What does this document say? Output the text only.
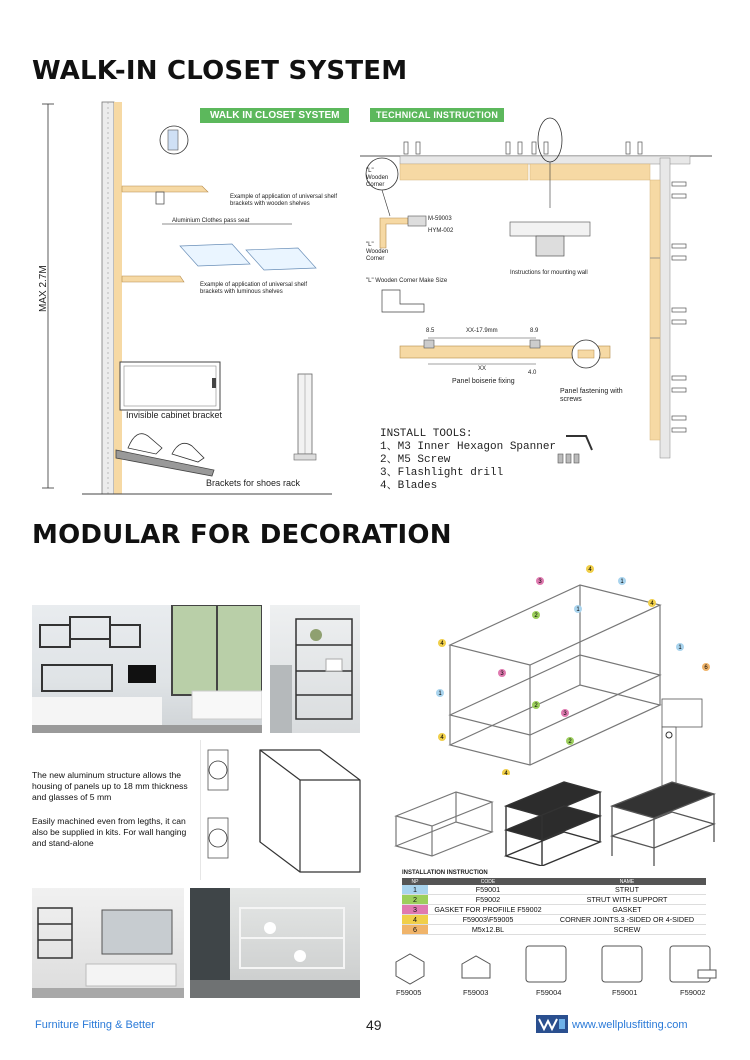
WALK-IN CLOSET SYSTEM
MODULAR FOR DECORATION
WALK IN CLOSET SYSTEM
MAX 2.7M
Example of application of universal shelf brackets with wooden shelves
Aluminium Clothes pass seat
Example of application of universal shelf brackets with luminous shelves
Invisible cabinet bracket
Brackets for shoes rack
TECHNICAL INSTRUCTION
"L" Wooden Corner
M-59003
HYM-002
"L" Wooden Corner
"L" Wooden Corner Make Size
Instructions for mounting wall
8.5	XX-17.9mm	8.9
XX
4.0
Panel boiserie fixing
Panel fastening with screws
INSTALL TOOLS:
1、M3 Inner Hexagon Spanner
2、M5 Screw
3、Flashlight drill
4、Blades
The new aluminum structure allows the housing of panels up to 18 mm thickness and glasses of 5 mm
Easily machined even from legths, it can also be supplied in kits. For wall hanging and stand-alone
4
3
4
1
4
2
1
3
1
1
3
2
4
2
4
6
INSTALLATION INSTRUCTION
NP	CODE	NAME
1	F59001	STRUT
2	F59002	STRUT WITH SUPPORT
3	GASKET FOR PROFIILE F59002	GASKET
4	F59003\F59005	CORNER JOINTS.3 -SIDED OR 4-SIDED
6	M5x12.BL	SCREW
F59005	F59003	F59004	F59001	F59002
Furniture Fitting & Better	49	www.wellplusfitting.com
